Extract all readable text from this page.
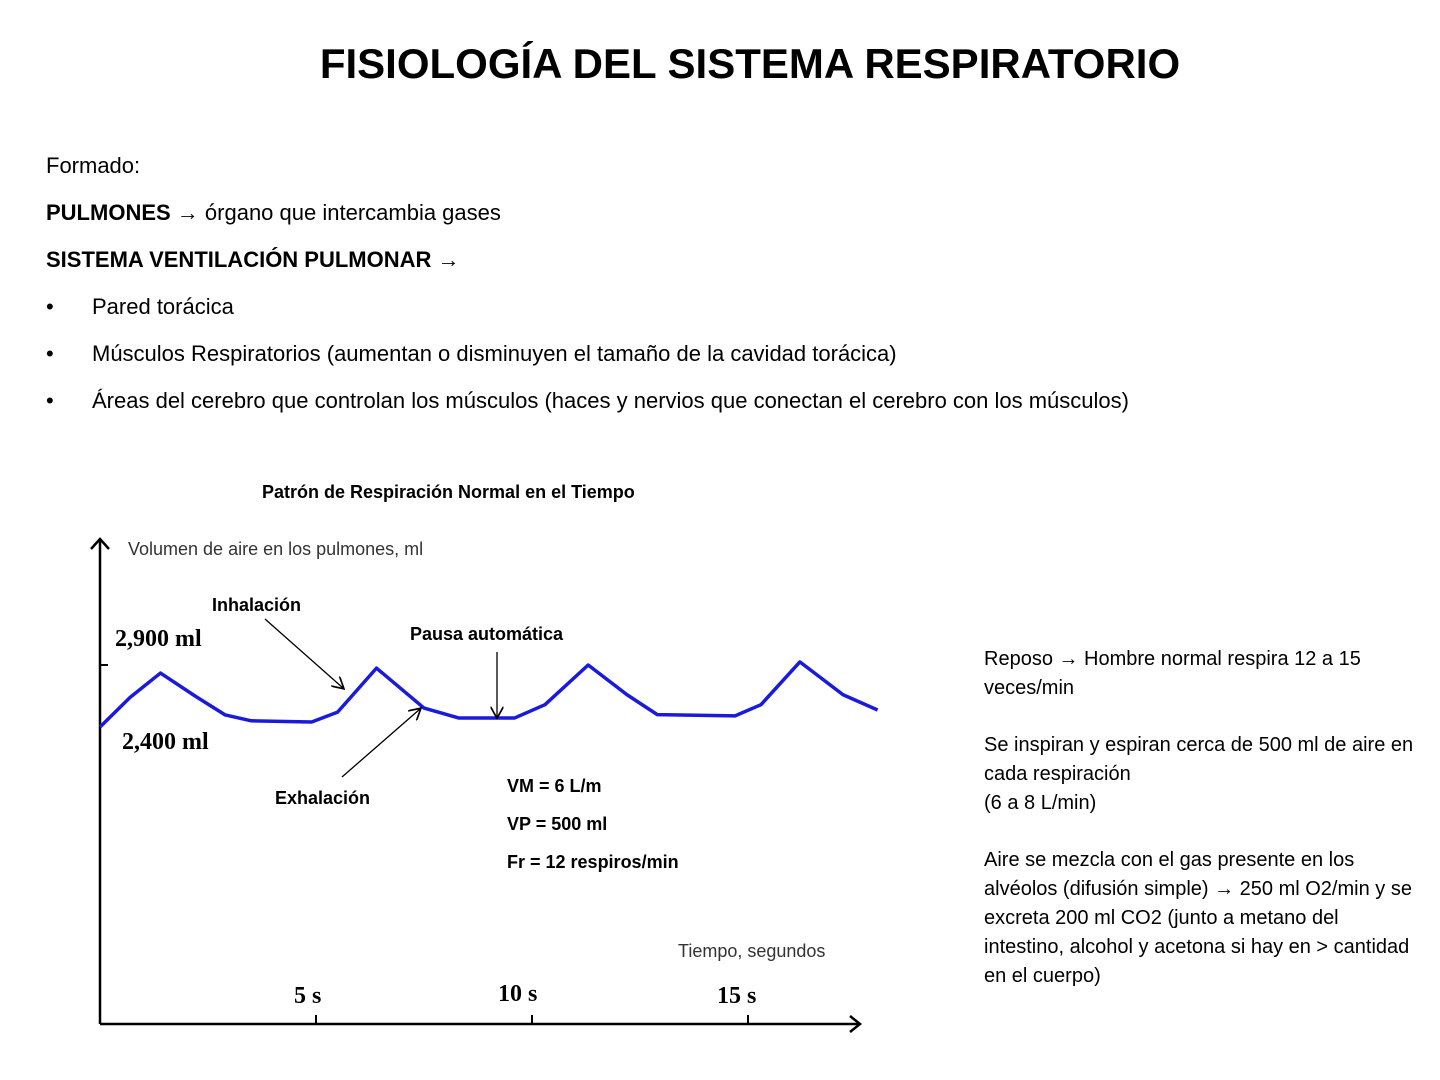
FISIOLOGÍA DEL SISTEMA RESPIRATORIO
Formado:
PULMONES → órgano que intercambia gases
SISTEMA VENTILACIÓN PULMONAR →
• Pared torácica
• Músculos Respiratorios (aumentan o disminuyen el tamaño de la cavidad torácica)
• Áreas del cerebro que controlan los músculos (haces y nervios que conectan el cerebro con los músculos)
Patrón de Respiración Normal en el Tiempo
Volumen de aire en los pulmones, ml
Tiempo, segundos
2,900 ml
2,400 ml
Inhalación
Pausa automática
Exhalación
VM = 6 L/m
VP = 500 ml
Fr = 12 respiros/min
5 s	10 s	15 s
Reposo → Hombre normal respira 12 a 15 veces/min
Se inspiran y espiran cerca de 500 ml de aire en cada respiración
(6 a 8 L/min)
Aire se mezcla con el gas presente en los alvéolos (difusión simple) → 250 ml O2/min y se excreta 200 ml CO2 (junto a metano del intestino, alcohol y acetona si hay en > cantidad en el cuerpo)
